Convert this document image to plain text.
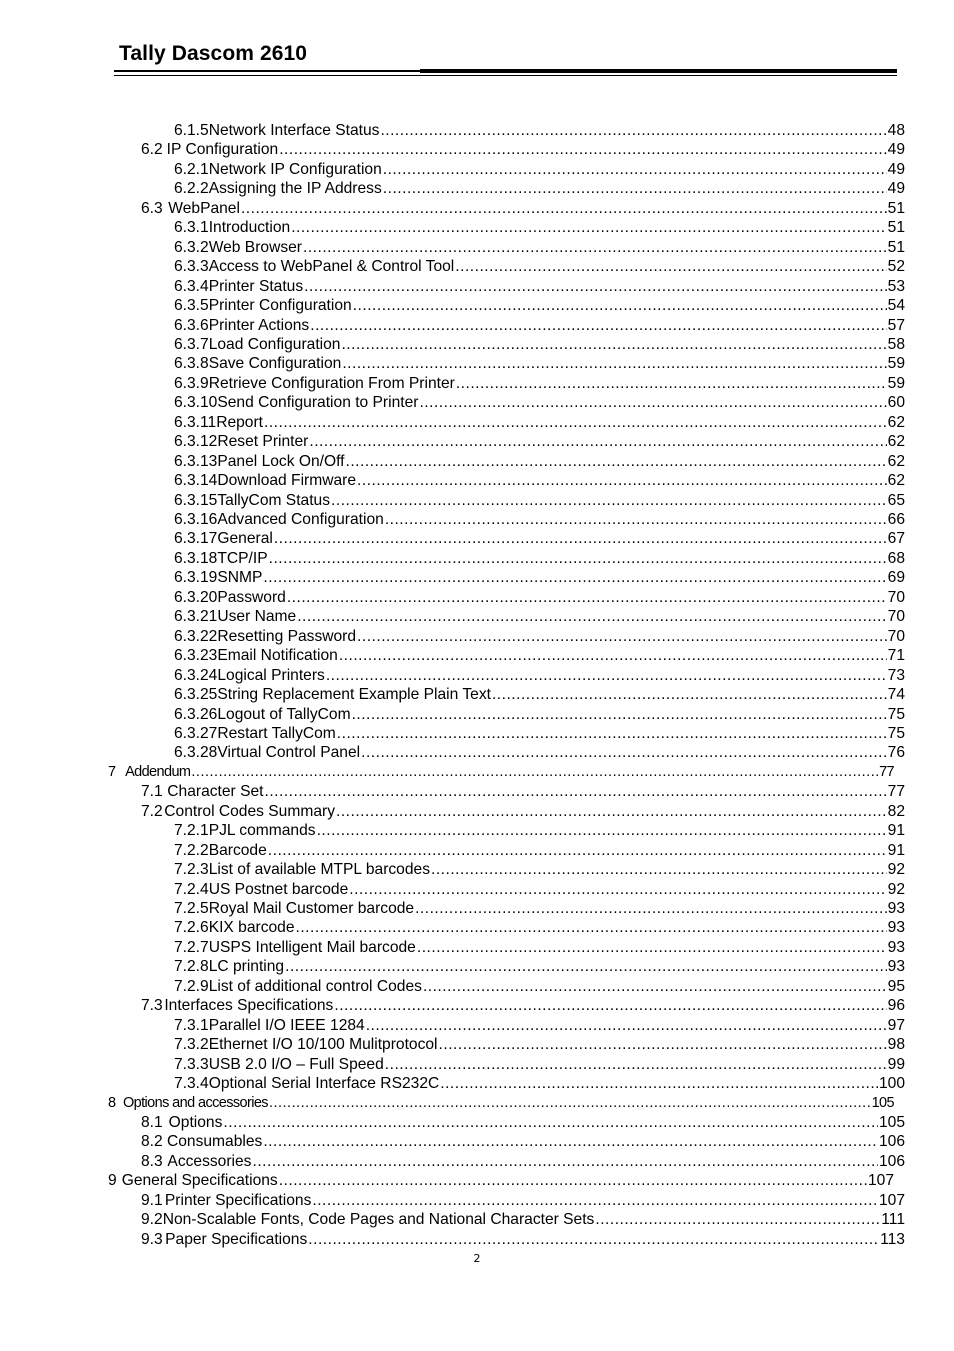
Tally Dascom 2610
6.1.5 Network Interface Status .....	48
6.2 IP Configuration .....	49
6.2.1 Network IP Configuration .....	49
6.2.2 Assigning the IP Address .....	49
6.3 WebPanel .....	51
6.3.1 Introduction .....	51
6.3.2 Web Browser .....	51
6.3.3 Access to WebPanel & Control Tool .....	52
6.3.4 Printer Status .....	53
6.3.5 Printer Configuration .....	54
6.3.6 Printer Actions .....	57
6.3.7 Load Configuration .....	58
6.3.8 Save Configuration .....	59
6.3.9 Retrieve Configuration From Printer .....	59
6.3.10 Send Configuration to Printer .....	60
6.3.11 Report .....	62
6.3.12 Reset Printer .....	62
6.3.13 Panel Lock On/Off .....	62
6.3.14 Download Firmware .....	62
6.3.15 TallyCom Status .....	65
6.3.16 Advanced Configuration .....	66
6.3.17 General .....	67
6.3.18 TCP/IP .....	68
6.3.19 SNMP .....	69
6.3.20 Password .....	70
6.3.21 User Name .....	70
6.3.22 Resetting Password .....	70
6.3.23 Email Notification .....	71
6.3.24 Logical Printers .....	73
6.3.25 String Replacement Example Plain Text .....	74
6.3.26 Logout of TallyCom .....	75
6.3.27 Restart TallyCom .....	75
6.3.28 Virtual Control Panel .....	76
7 Addendum .....	77
7.1 Character Set .....	77
7.2 Control Codes Summary .....	82
7.2.1 PJL commands .....	91
7.2.2 Barcode .....	91
7.2.3 List of available MTPL barcodes .....	92
7.2.4 US Postnet barcode .....	92
7.2.5 Royal Mail Customer barcode .....	93
7.2.6 KIX barcode .....	93
7.2.7 USPS Intelligent Mail barcode .....	93
7.2.8 LC printing .....	93
7.2.9 List of additional control Codes .....	95
7.3 Interfaces Specifications .....	96
7.3.1 Parallel I/O IEEE 1284 .....	97
7.3.2 Ethernet I/O 10/100 Mulitprotocol .....	98
7.3.3 USB 2.0 I/O – Full Speed .....	99
7.3.4 Optional Serial Interface RS232C .....	100
8 Options and accessories .....	105
8.1 Options .....	105
8.2 Consumables .....	106
8.3 Accessories .....	106
9 General Specifications .....	107
9.1 Printer Specifications .....	107
9.2 Non-Scalable Fonts, Code Pages and National Character Sets .....	111
9.3 Paper Specifications .....	113
2
